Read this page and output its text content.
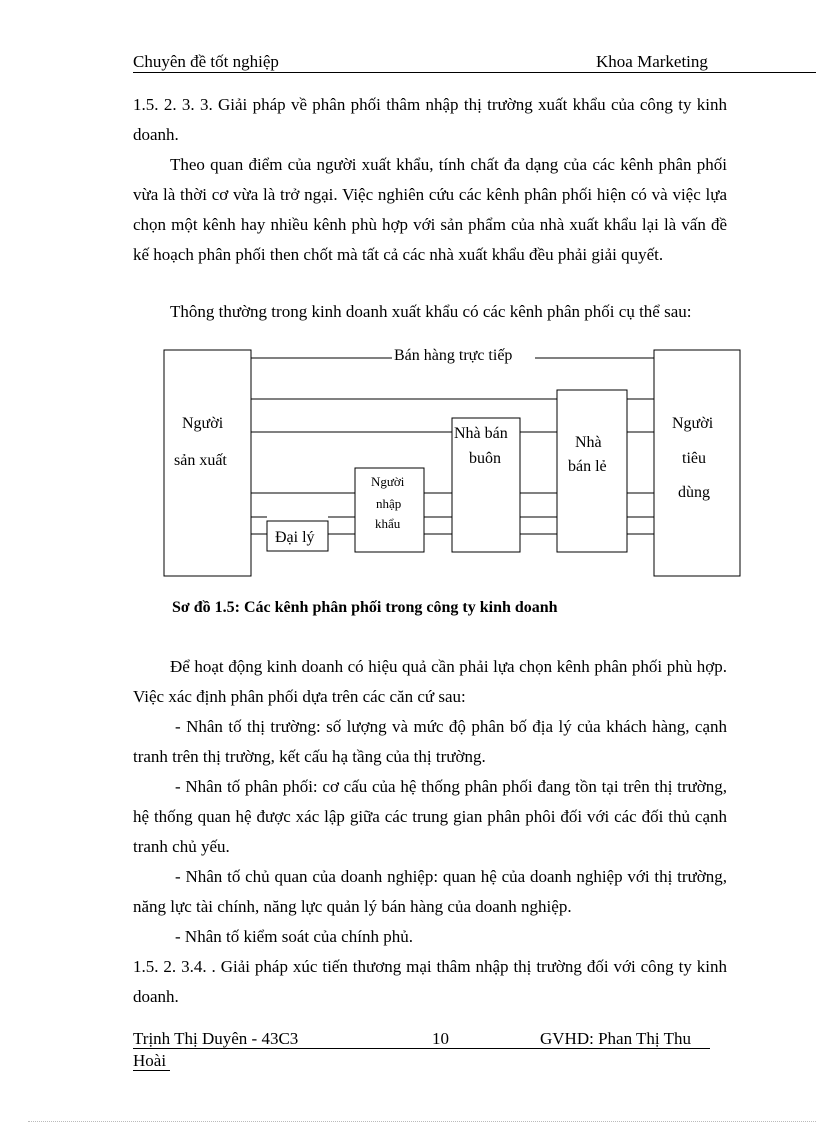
Chuyên đề tốt nghiệp	Khoa Marketing
1.5. 2. 3. 3. Giải pháp về phân phối thâm nhập thị trường xuất khẩu của công ty kinh doanh.
Theo quan điểm của người xuất khẩu, tính chất đa dạng của các kênh phân phối vừa là thời cơ vừa là trở ngại. Việc nghiên cứu các kênh phân phối hiện có và việc lựa chọn một kênh hay nhiều kênh phù hợp với sản phẩm của nhà xuất khẩu lại là vấn đề kế hoạch phân phối then chốt mà tất cả các nhà xuất khẩu đều phải giải quyết.
Thông thường trong kinh doanh xuất khẩu có các kênh phân phối cụ thể sau:
Bán hàng trực tiếp
Người
sản xuất
Người
tiêu
dùng
Nhà bán
buôn
Nhà
bán lẻ
Đại lý
Người
nhập
khẩu
Sơ đồ 1.5: Các kênh phân phối trong công ty kinh doanh
Để hoạt động kinh doanh có hiệu quả cần phải lựa chọn kênh phân phối phù hợp. Việc xác định phân phối dựa trên các căn cứ sau:
- Nhân tố thị trường: số lượng và mức độ phân bố địa lý của khách hàng, cạnh tranh trên thị trường, kết cấu hạ tầng của thị trường.
- Nhân tố phân phối: cơ cấu của hệ thống phân phối đang tồn tại trên thị trường, hệ thống quan hệ được xác lập giữa các trung gian phân phôi đối với các đối thủ cạnh tranh chủ yếu.
- Nhân tố chủ quan của doanh nghiệp: quan hệ của doanh nghiệp với thị trường, năng lực tài chính, năng lực quản lý bán hàng của doanh nghiệp.
- Nhân tố kiểm soát của chính phủ.
1.5. 2. 3.4. . Giải pháp xúc tiến thương mại thâm nhập thị trường đối với công ty kinh doanh.
Trịnh Thị Duyên - 43C3	10	GVHD: Phan Thị Thu
Hoài
